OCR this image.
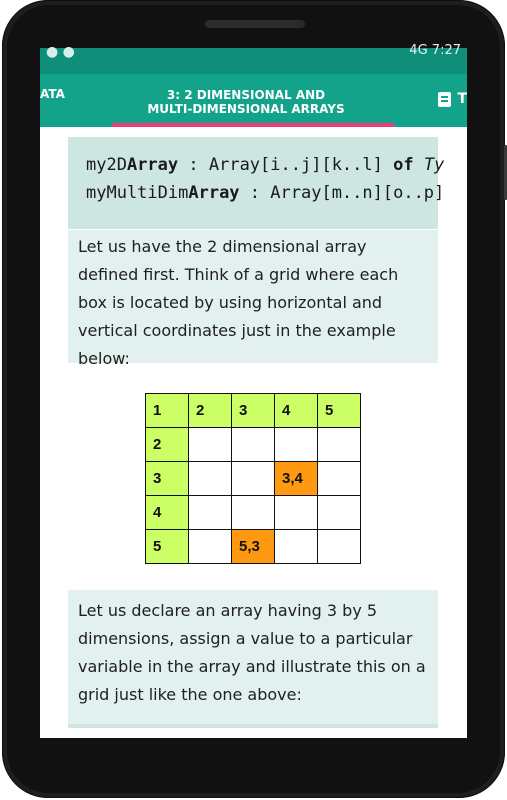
● ●	4G 7:27
ATA	3: 2 DIMENSIONAL AND MULTI-DIMENSIONAL ARRAYS
T
my2DArray : Array[i..j][k..l] of Ty
myMultiDimArray : Array[m..n][o..p]
Let us have the 2 dimensional array defined first. Think of a grid where each box is located by using horizontal and vertical coordinates just in the example below:
1	2	3	4	5
2				
3			3,4	
4				
5		5,3		
Let us declare an array having 3 by 5 dimensions, assign a value to a particular variable in the array and illustrate this on a grid just like the one above:
